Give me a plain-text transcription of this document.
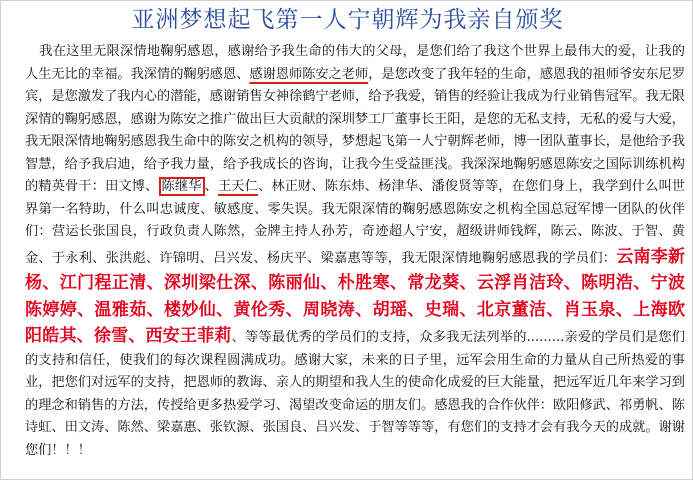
亚洲梦想起飞第一人宁朝辉为我亲自颁奖
我在这里无限深情地鞠躬感恩，感谢给予我生命的伟大的父母，是您们给了我这个世界上最伟大的爱，让我的人生无比的幸福。我深情的鞠躬感恩、感谢恩师陈安之老师，是您改变了我年轻的生命，感恩我的祖师爷安东尼罗宾，是您激发了我内心的潜能，感谢销售女神徐鹤宁老师，给予我爱，销售的经验让我成为行业销售冠军。我无限深情的鞠躬感恩，感谢为陈安之推广做出巨大贡献的深圳梦工厂董事长王阳，是您的无私支持，无私的爱与大爱，我无限深情地鞠躬感恩我生命中的陈安之机构的领导，梦想起飞第一人宁朝辉老师，博一团队董事长，是他给予我智慧，给予我启迪，给予我力量，给予我成长的咨询，让我今生受益匪浅。我深深地鞠躬感恩陈安之国际训练机构的精英骨干：田文博、 陈继华 、王天仁、林正财、陈东炜、杨津华、潘俊贤等等，在您们身上，我学到什么叫世界第一名特助，什么叫忠诚度、敏感度、零失误。我无限深情的鞠躬感恩陈安之机构全国总冠军博一团队的伙伴们：营运长张国良，行政负责人陈然，金牌主持人孙芳，奇迹超人宁安，超级讲师钱辉，陈云、陈波、于智、黄金、于永利、张洪彪、许锦明、吕兴发、杨庆平、梁嘉惠等等，我无限深情地鞠躬感恩我的学员们：云南李新杨、江门程正清、深圳梁仕深、陈丽仙、朴胜寒、常龙葵、云浮肖洁玲、陈明浩、宁波陈婷婷、温雅茹、楼妙仙、黄伦秀、周晓涛、胡瑶、史瑞、北京董洁、肖玉泉、上海欧阳皓其、徐雪、西安王菲莉、等等最优秀的学员们的支持，众多我无法列举的.........亲爱的学员们是您们的支持和信任，使我们的每次课程圆满成功。感谢大家，未来的日子里，远军会用生命的力量从自己所热爱的事业，把您们对远军的支持，把恩师的教诲、亲人的期望和我人生的使命化成爱的巨大能量，把远军近几年来学习到的理念和销售的方法，传授给更多热爱学习、渴望改变命运的朋友们。感恩我的合作伙伴：欧阳修武、祁勇帆、陈诗虹、田文涛、陈然、梁嘉惠、张钦源、张国良、吕兴发、于智等等等，有您们的支持才会有我今天的成就。谢谢您们！！！
